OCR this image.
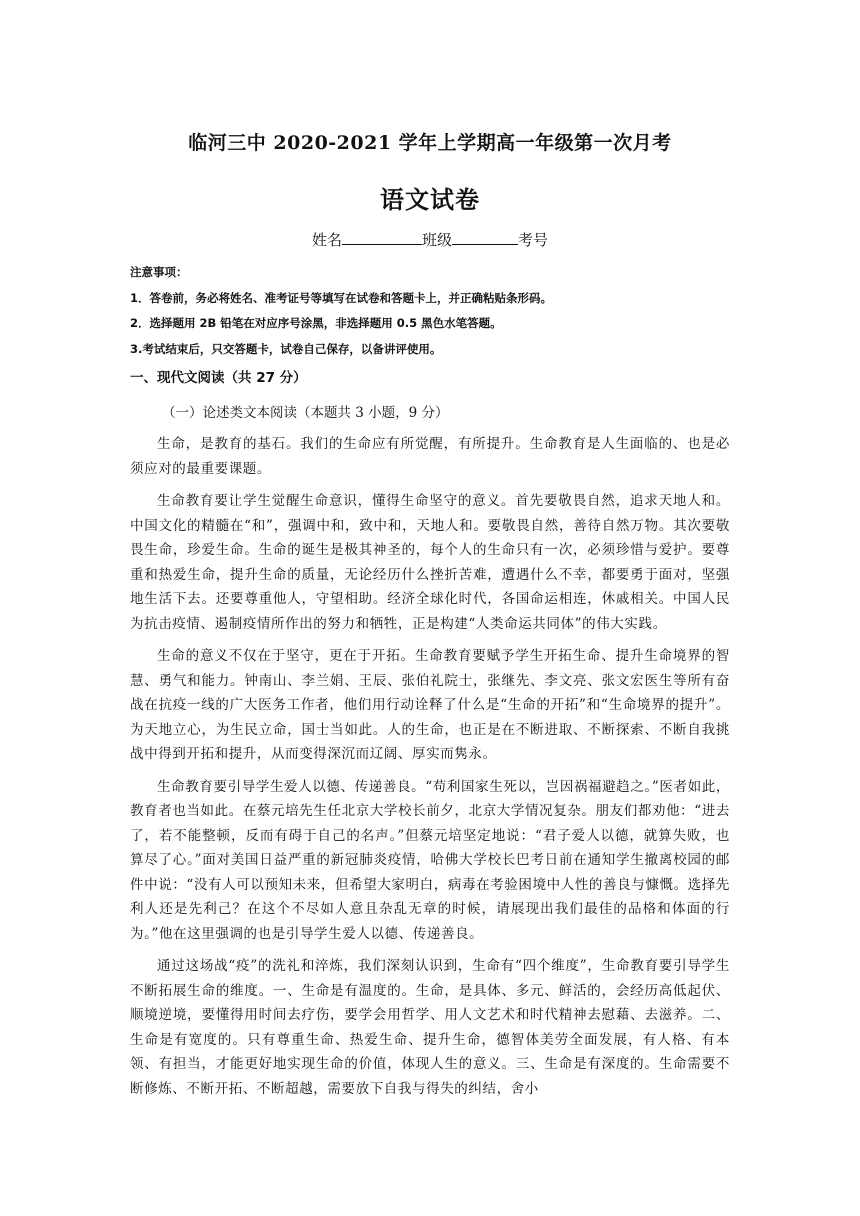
临河三中 2020-2021 学年上学期高一年级第一次月考
语文试卷
姓名	班级	考号
注意事项：
1．答卷前，务必将姓名、准考证号等填写在试卷和答题卡上，并正确粘贴条形码。
2．选择题用 2B 铅笔在对应序号涂黑，非选择题用 0.5 黑色水笔答题。
3.考试结束后，只交答题卡，试卷自己保存，以备讲评使用。
一、现代文阅读（共 27 分）
（一）论述类文本阅读（本题共 3 小题，9 分）

生命，是教育的基石。我们的生命应有所觉醒，有所提升。生命教育是人生面临的、也是必须应对的最重要课题。

生命教育要让学生觉醒生命意识，懂得生命坚守的意义。首先要敬畏自然，追求天地人和。中国文化的精髓在“和”，强调中和，致中和，天地人和。要敬畏自然，善待自然万物。其次要敬畏生命，珍爱生命。生命的诞生是极其神圣的，每个人的生命只有一次，必须珍惜与爱护。要尊重和热爱生命，提升生命的质量，无论经历什么挫折苦难，遭遇什么不幸，都要勇于面对，坚强地生活下去。还要尊重他人，守望相助。经济全球化时代，各国命运相连，休戚相关。中国人民为抗击疫情、遏制疫情所作出的努力和牺牲，正是构建“人类命运共同体”的伟大实践。

生命的意义不仅在于坚守，更在于开拓。生命教育要赋予学生开拓生命、提升生命境界的智慧、勇气和能力。钟南山、李兰娟、王辰、张伯礼院士，张继先、李文亮、张文宏医生等所有奋战在抗疫一线的广大医务工作者，他们用行动诠释了什么是“生命的开拓”和“生命境界的提升”。为天地立心，为生民立命，国士当如此。人的生命，也正是在不断进取、不断探索、不断自我挑战中得到开拓和提升，从而变得深沉而辽阔、厚实而隽永。

生命教育要引导学生爱人以德、传递善良。“苟利国家生死以，岂因祸福避趋之。”医者如此，教育者也当如此。在蔡元培先生任北京大学校长前夕，北京大学情况复杂。朋友们都劝他：“进去了，若不能整顿，反而有碍于自己的名声。”但蔡元培坚定地说：“君子爱人以德，就算失败，也算尽了心。”面对美国日益严重的新冠肺炎疫情，哈佛大学校长巴考日前在通知学生撤离校园的邮件中说：“没有人可以预知未来，但希望大家明白，病毒在考验困境中人性的善良与慷慨。选择先利人还是先利己？在这个不尽如人意且杂乱无章的时候，请展现出我们最佳的品格和体面的行为。”他在这里强调的也是引导学生爱人以德、传递善良。

通过这场战“疫”的洗礼和淬炼，我们深刻认识到，生命有“四个维度”，生命教育要引导学生不断拓展生命的维度。一、生命是有温度的。生命，是具体、多元、鲜活的，会经历高低起伏、顺境逆境，要懂得用时间去疗伤，要学会用哲学、用人文艺术和时代精神去慰藉、去滋养。二、生命是有宽度的。只有尊重生命、热爱生命、提升生命，德智体美劳全面发展，有人格、有本领、有担当，才能更好地实现生命的价值，体现人生的意义。三、生命是有深度的。生命需要不断修炼、不断开拓、不断超越，需要放下自我与得失的纠结，舍小
